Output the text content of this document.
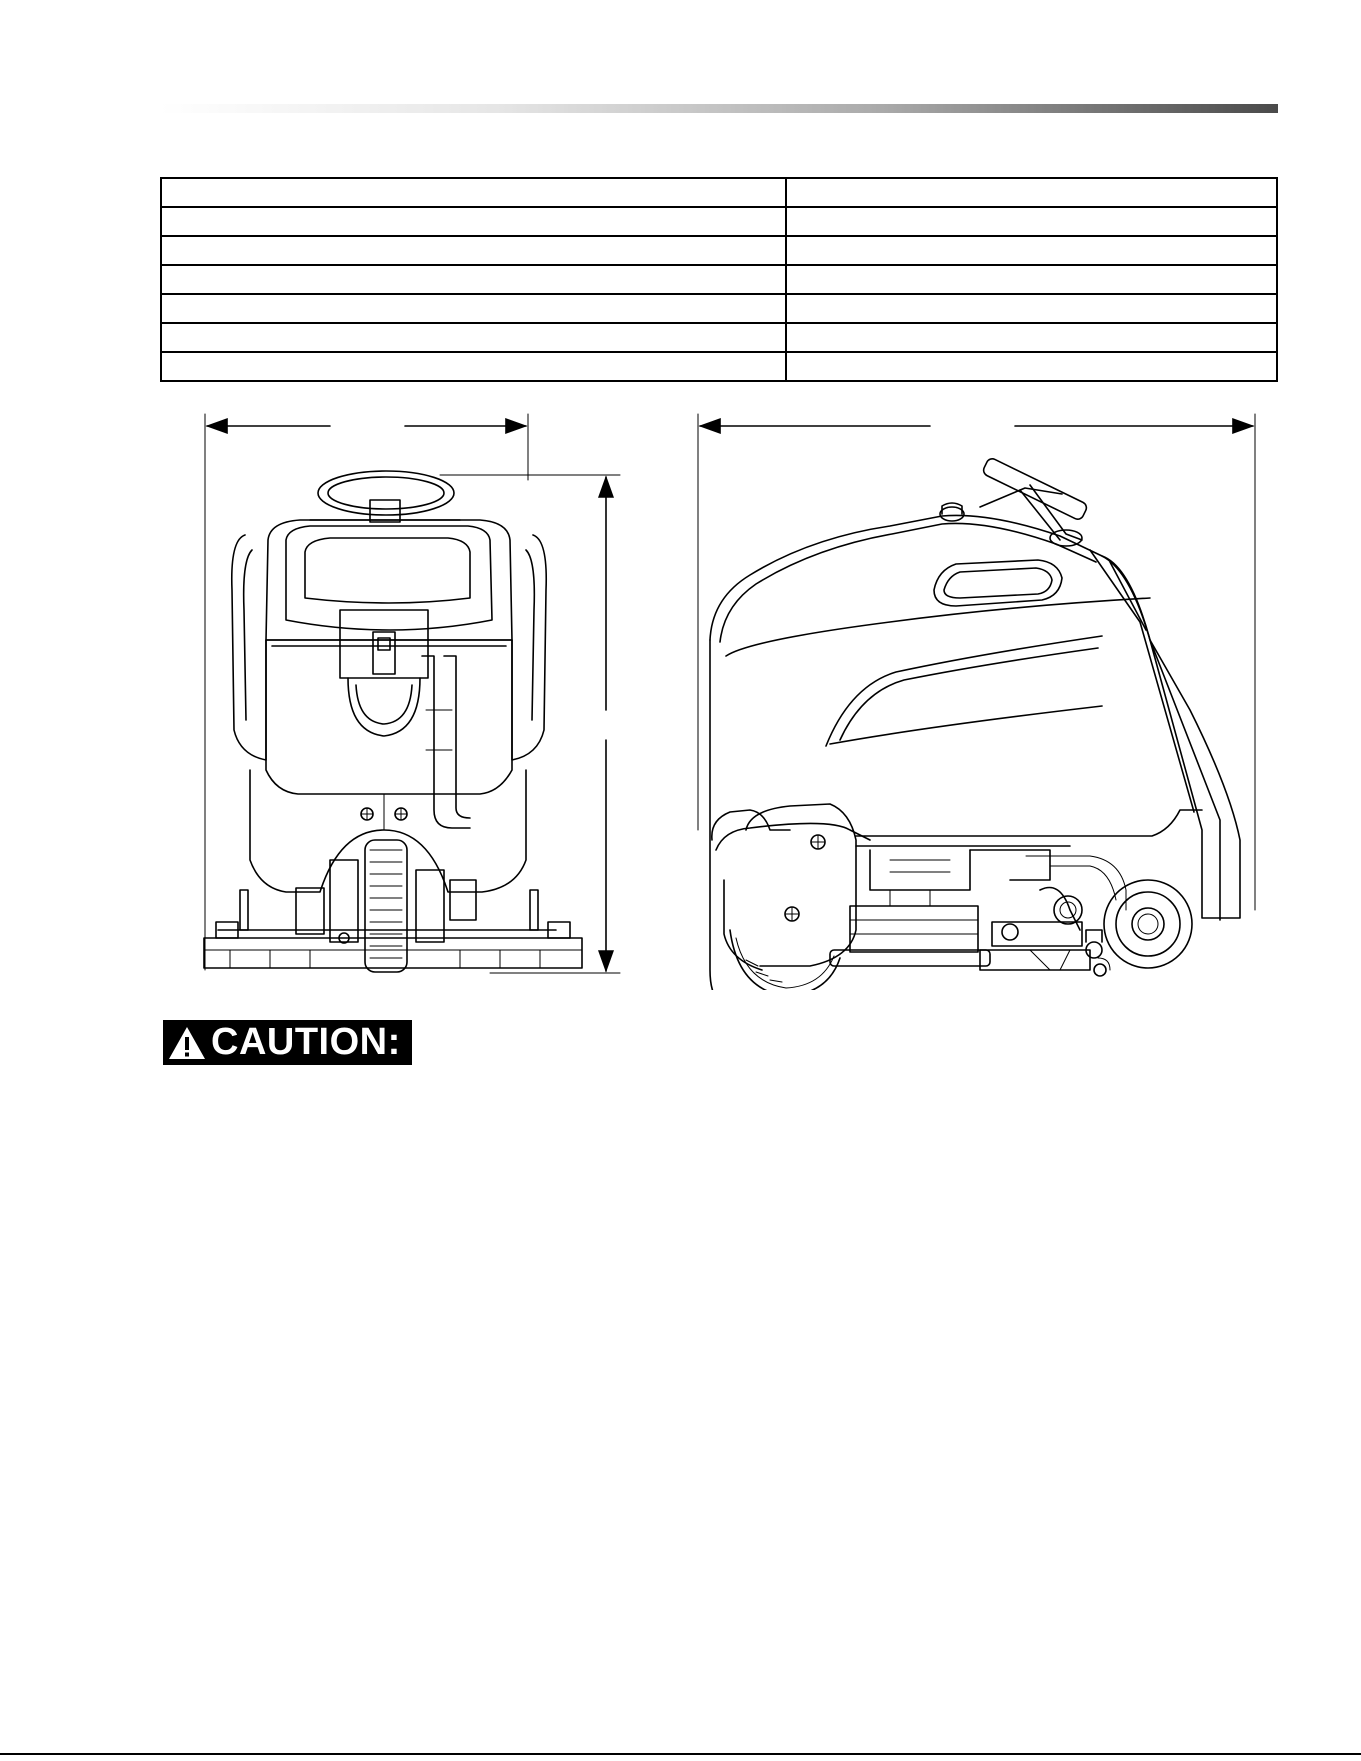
CAUTION:
